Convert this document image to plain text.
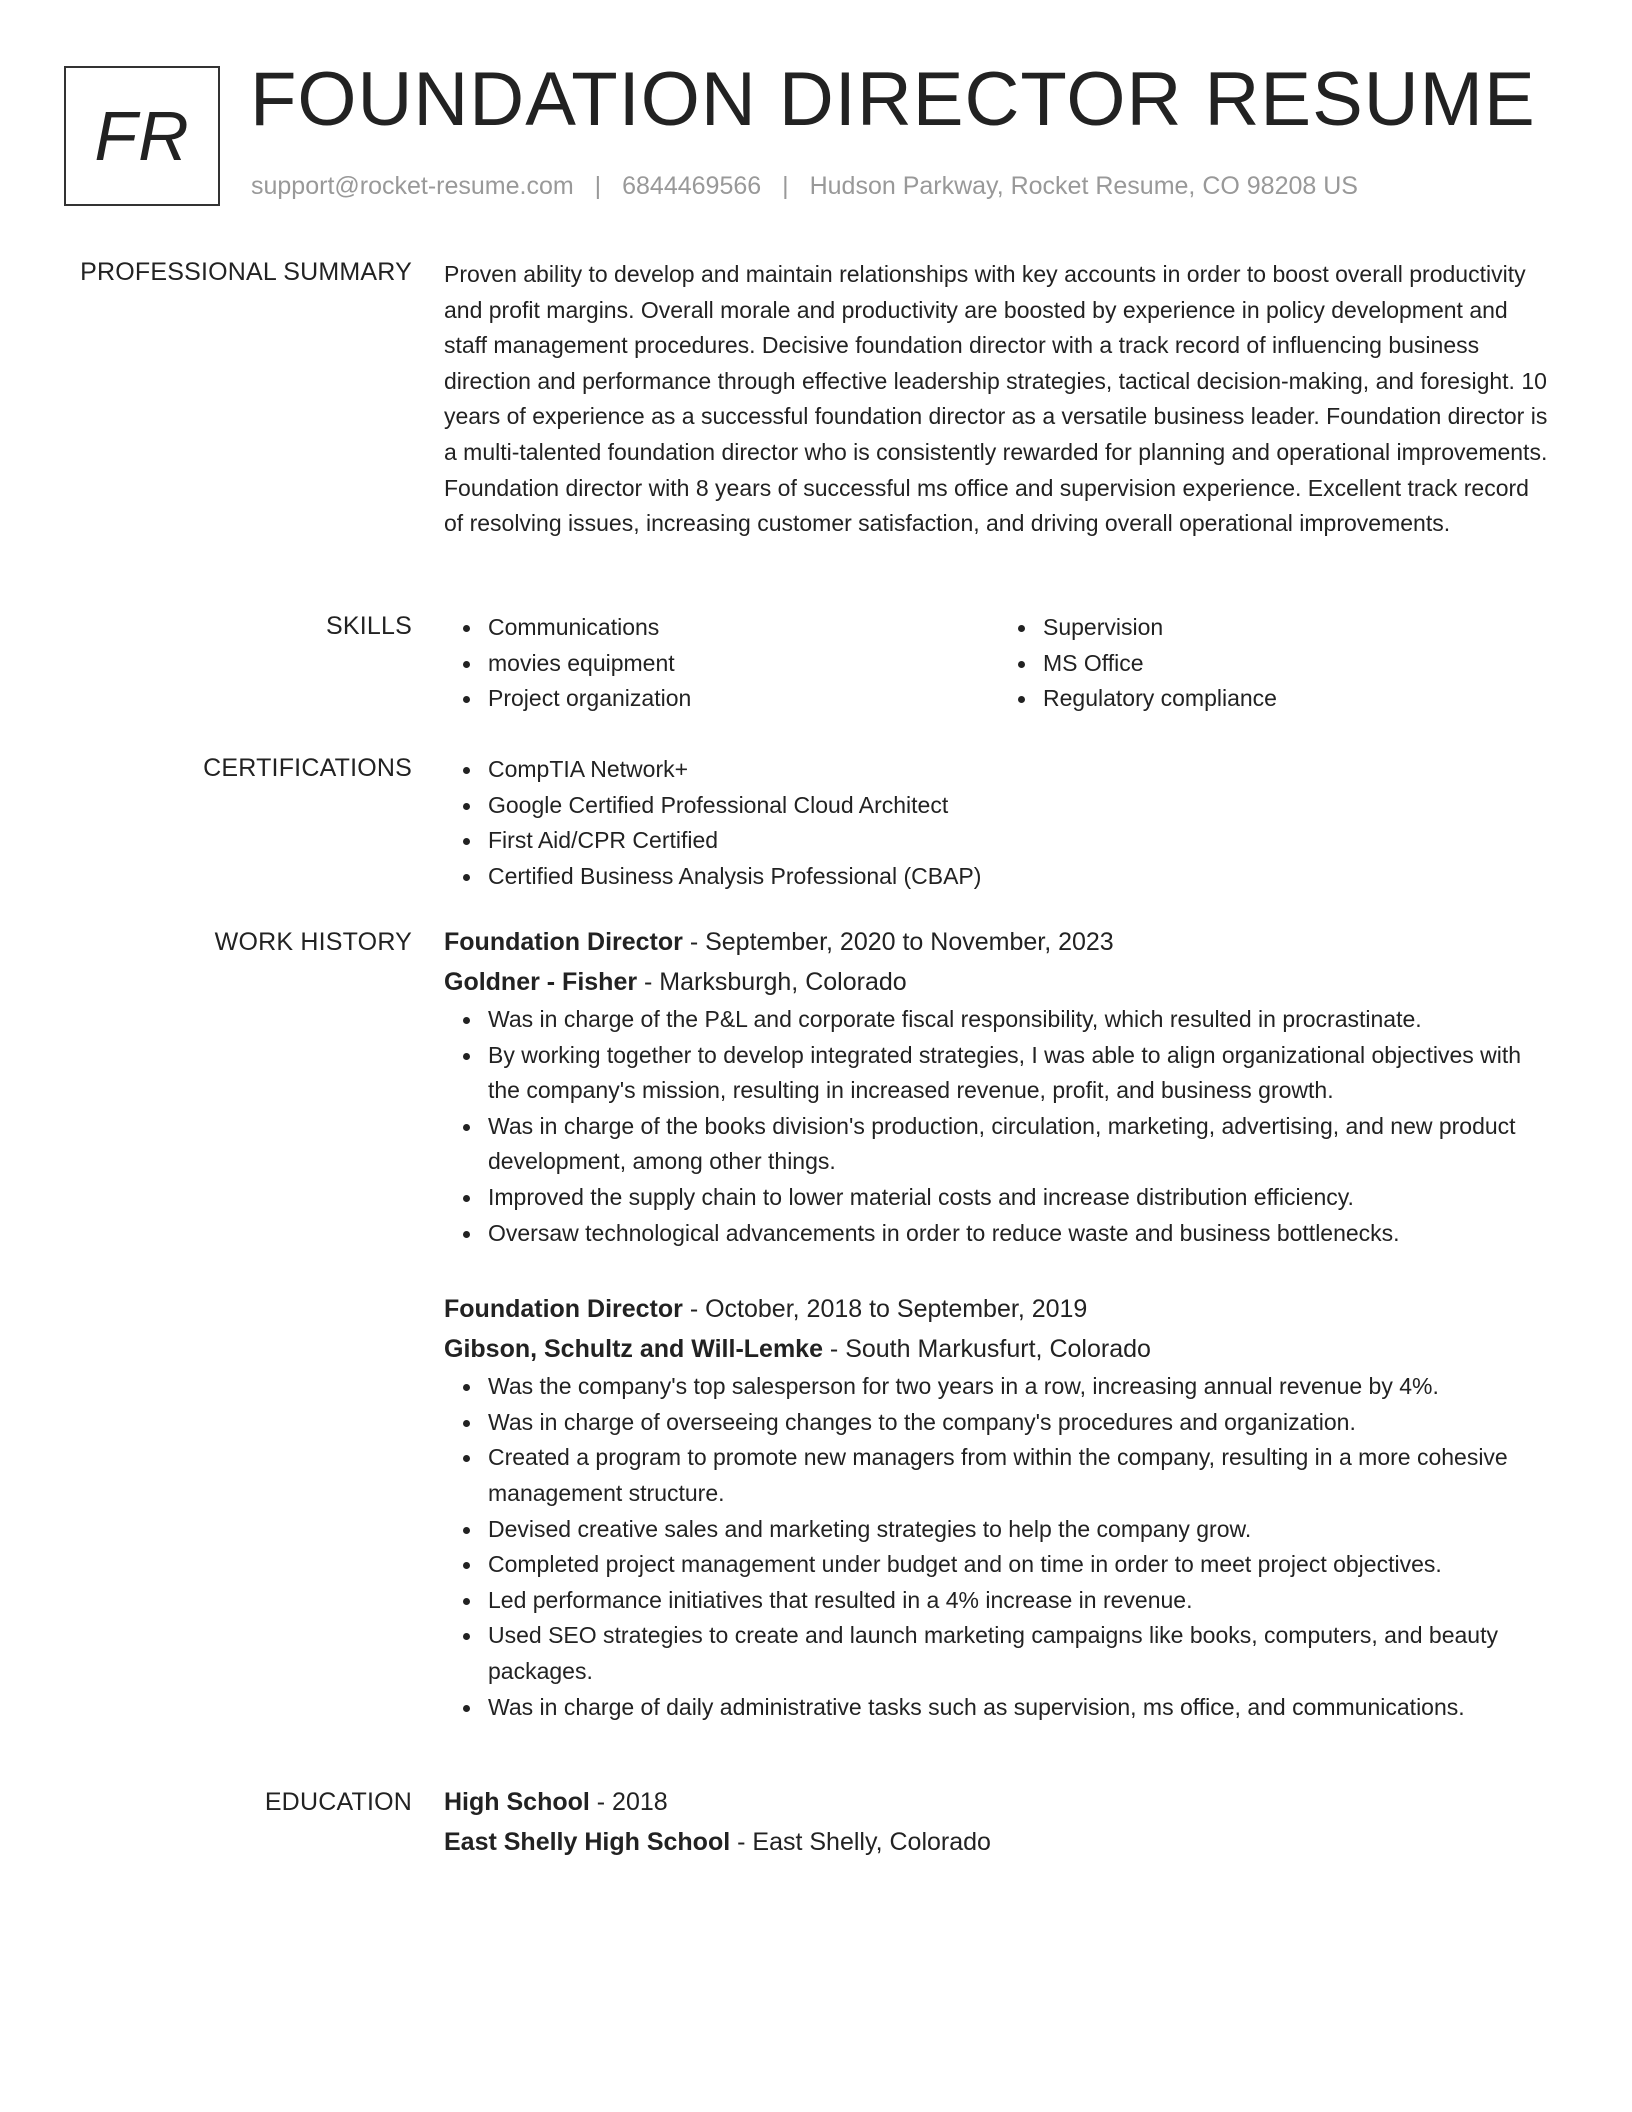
FR FOUNDATION DIRECTOR RESUME
support@rocket-resume.com | 6844469566 | Hudson Parkway, Rocket Resume, CO 98208 US
PROFESSIONAL SUMMARY Proven ability to develop and maintain relationships with key accounts in order to boost overall productivity and profit margins. Overall morale and productivity are boosted by experience in policy development and staff management procedures. Decisive foundation director with a track record of influencing business direction and performance through effective leadership strategies, tactical decision-making, and foresight. 10 years of experience as a successful foundation director as a versatile business leader. Foundation director is a multi-talented foundation director who is consistently rewarded for planning and operational improvements. Foundation director with 8 years of successful ms office and supervision experience. Excellent track record of resolving issues, increasing customer satisfaction, and driving overall operational improvements.

SKILLS	Communications
movies equipment
Project organization
Supervision
MS Office
Regulatory compliance
CERTIFICATIONS	CompTIA Network+
Google Certified Professional Cloud Architect
First Aid/CPR Certified
Certified Business Analysis Professional (CBAP)
WORK HISTORY Foundation Director - September, 2020 to November, 2023
Goldner - Fisher - Marksburgh, Colorado
Was in charge of the P&L and corporate fiscal responsibility, which resulted in procrastinate.
By working together to develop integrated strategies, I was able to align organizational objectives with the company's mission, resulting in increased revenue, profit, and business growth.
Was in charge of the books division's production, circulation, marketing, advertising, and new product development, among other things.
Improved the supply chain to lower material costs and increase distribution efficiency.
Oversaw technological advancements in order to reduce waste and business bottlenecks.
Foundation Director - October, 2018 to September, 2019
Gibson, Schultz and Will-Lemke - South Markusfurt, Colorado
Was the company's top salesperson for two years in a row, increasing annual revenue by 4%.
Was in charge of overseeing changes to the company's procedures and organization.
Created a program to promote new managers from within the company, resulting in a more cohesive management structure.
Devised creative sales and marketing strategies to help the company grow.
Completed project management under budget and on time in order to meet project objectives.
Led performance initiatives that resulted in a 4% increase in revenue.
Used SEO strategies to create and launch marketing campaigns like books, computers, and beauty packages.
Was in charge of daily administrative tasks such as supervision, ms office, and communications.
EDUCATION High School - 2018
East Shelly High School - East Shelly, Colorado
